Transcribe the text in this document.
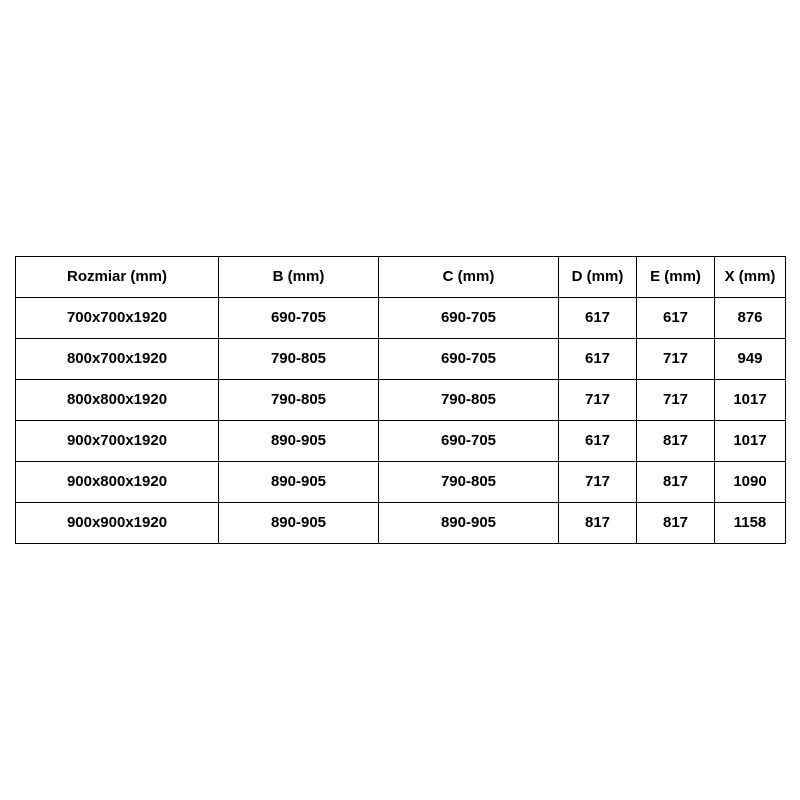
Rozmiar (mm)	B (mm)	C (mm)	D (mm)	E (mm)	X (mm)
700x700x1920	690-705	690-705	617	617	876
800x700x1920	790-805	690-705	617	717	949
800x800x1920	790-805	790-805	717	717	1017
900x700x1920	890-905	690-705	617	817	1017
900x800x1920	890-905	790-805	717	817	1090
900x900x1920	890-905	890-905	817	817	1158
